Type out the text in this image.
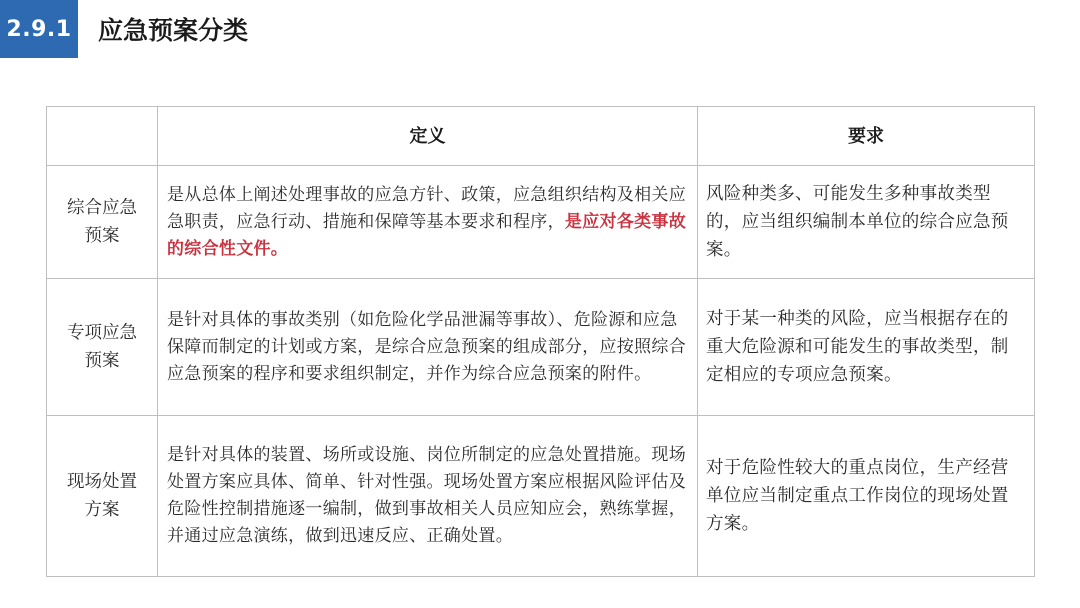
2.9.1 应急预案分类
	定义	要求
综合应急
预案	是从总体上阐述处理事故的应急方针、政策，应急组织结构及相关应急职责，应急行动、措施和保障等基本要求和程序，是应对各类事故的综合性文件。	风险种类多、可能发生多种事故类型的，应当组织编制本单位的综合应急预案。
专项应急
预案	是针对具体的事故类别（如危险化学品泄漏等事故）、危险源和应急保障而制定的计划或方案，是综合应急预案的组成部分，应按照综合应急预案的程序和要求组织制定，并作为综合应急预案的附件。	对于某一种类的风险，应当根据存在的重大危险源和可能发生的事故类型，制定相应的专项应急预案。
现场处置
方案	是针对具体的装置、场所或设施、岗位所制定的应急处置措施。现场处置方案应具体、简单、针对性强。现场处置方案应根据风险评估及危险性控制措施逐一编制，做到事故相关人员应知应会，熟练掌握，并通过应急演练，做到迅速反应、正确处置。	对于危险性较大的重点岗位，生产经营单位应当制定重点工作岗位的现场处置方案。
